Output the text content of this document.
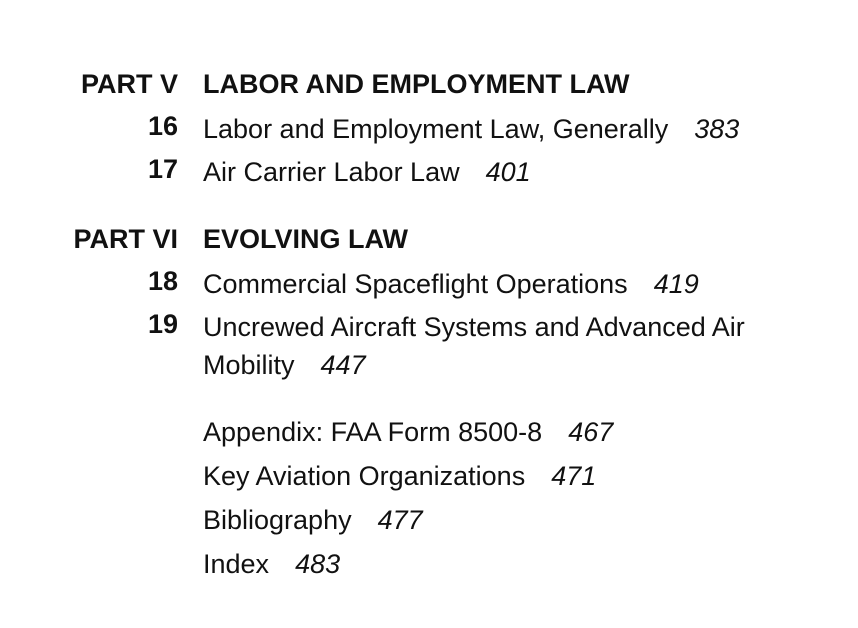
PART V LABOR AND EMPLOYMENT LAW
16 Labor and Employment Law, Generally 383
17 Air Carrier Labor Law 401
PART VI EVOLVING LAW
18 Commercial Spaceflight Operations 419
19 Uncrewed Aircraft Systems and Advanced Air
Mobility 447
Appendix: FAA Form 8500-8 467
Key Aviation Organizations 471
Bibliography 477
Index 483
